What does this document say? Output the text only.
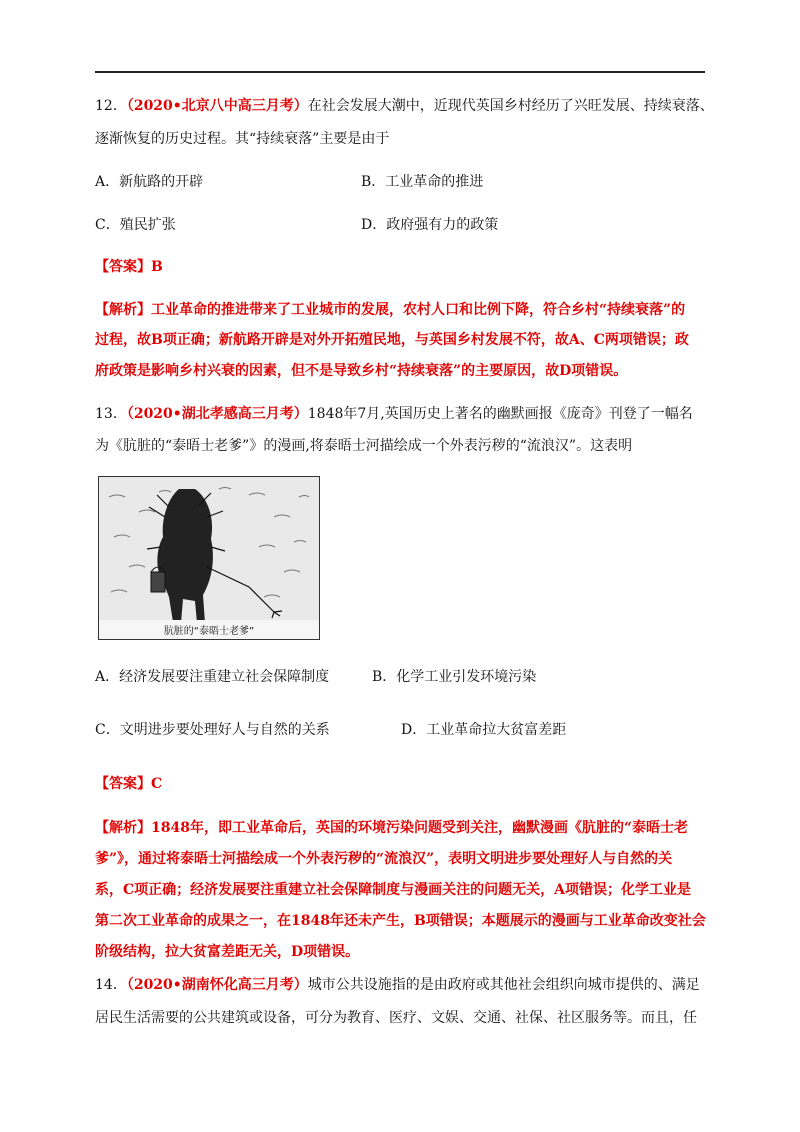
12．（2020•北京八中高三月考）在社会发展大潮中，近现代英国乡村经历了兴旺发展、持续衰落、
逐渐恢复的历史过程。其“持续衰落”主要是由于
A．新航路的开辟	B．工业革命的推进
C．殖民扩张	D．政府强有力的政策
【答案】B
【解析】工业革命的推进带来了工业城市的发展，农村人口和比例下降，符合乡村“持续衰落”的
过程，故B项正确；新航路开辟是对外开拓殖民地，与英国乡村发展不符，故A、C两项错误；政
府政策是影响乡村兴衰的因素，但不是导致乡村“持续衰落”的主要原因，故D项错误。
13．（2020•湖北孝感高三月考）1848年7月,英国历史上著名的幽默画报《庞奇》刊登了一幅名
为《肮脏的“泰晤士老爹”》的漫画,将泰晤士河描绘成一个外表污秽的“流浪汉”。这表明
肮脏的“泰晤士老爹”
A．经济发展要注重建立社会保障制度	B．化学工业引发环境污染
C．文明进步要处理好人与自然的关系	D．工业革命拉大贫富差距
【答案】C
【解析】1848年，即工业革命后，英国的环境污染问题受到关注，幽默漫画《肮脏的“泰晤士老
爹”》，通过将泰晤士河描绘成一个外表污秽的“流浪汉”，表明文明进步要处理好人与自然的关
系，C项正确；经济发展要注重建立社会保障制度与漫画关注的问题无关，A项错误；化学工业是
第二次工业革命的成果之一，在1848年还未产生，B项错误；本题展示的漫画与工业革命改变社会
阶级结构，拉大贫富差距无关，D项错误。
14．（2020•湖南怀化高三月考）城市公共设施指的是由政府或其他社会组织向城市提供的、满足
居民生活需要的公共建筑或设备，可分为教育、医疗、文娱、交通、社保、社区服务等。而且，任
